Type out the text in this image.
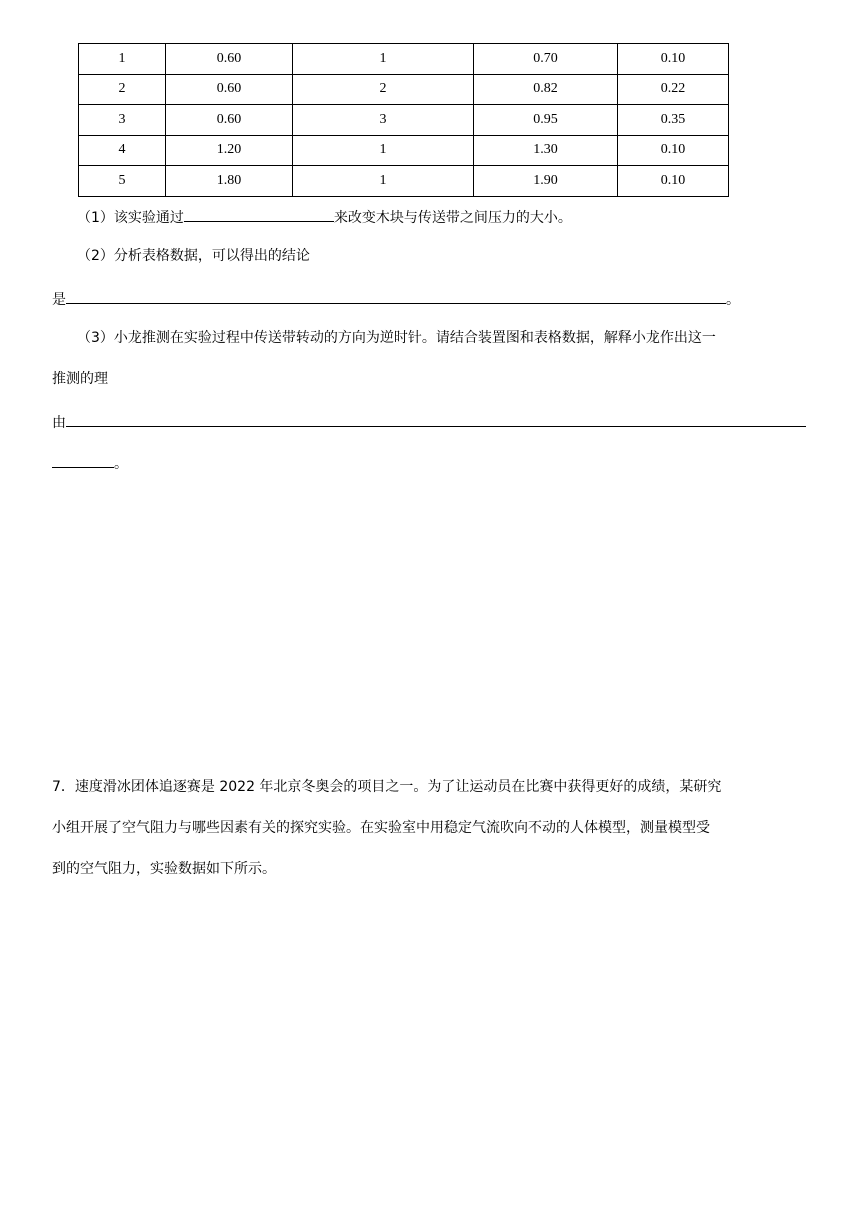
1	0.60	1	0.70	0.10
2	0.60	2	0.82	0.22
3	0.60	3	0.95	0.35
4	1.20	1	1.30	0.10
5	1.80	1	1.90	0.10
（1）该实验通过	来改变木块与传送带之间压力的大小。
（2）分析表格数据，可以得出的结论
是	。
（3）小龙推测在实验过程中传送带转动的方向为逆时针。请结合装置图和表格数据，解释小龙作出这一
推测的理
由
。
7．速度滑冰团体追逐赛是 2022 年北京冬奥会的项目之一。为了让运动员在比赛中获得更好的成绩，某研究
小组开展了空气阻力与哪些因素有关的探究实验。在实验室中用稳定气流吹向不动的人体模型，测量模型受
到的空气阻力，实验数据如下所示。
